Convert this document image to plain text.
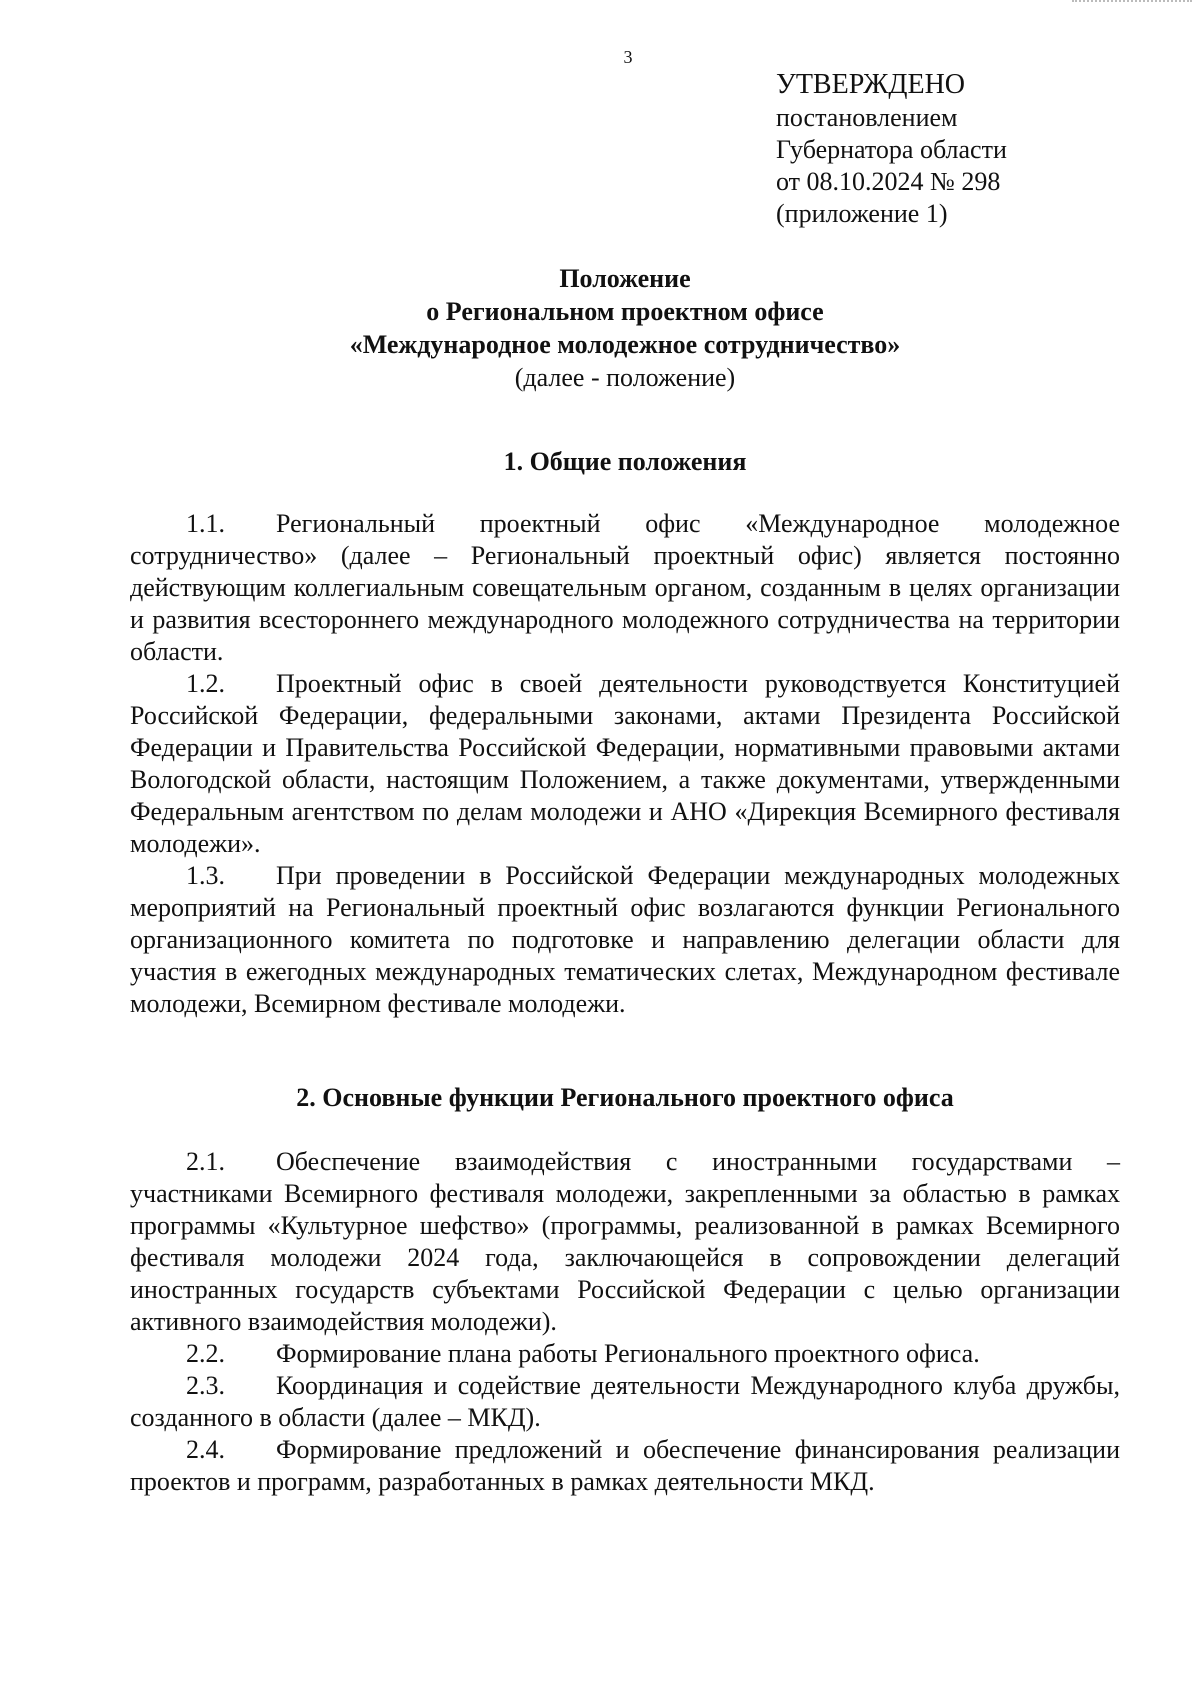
3
УТВЕРЖДЕНО
постановлением
Губернатора области
от 08.10.2024 № 298
(приложение 1)
Положение
о Региональном проектном офисе
«Международное молодежное сотрудничество»
(далее - положение)
1. Общие положения

1.1. Региональный проектный офис «Международное молодежное сотрудничество» (далее – Региональный проектный офис) является постоянно действующим коллегиальным совещательным органом, созданным в целях организации и развития всестороннего международного молодежного сотрудничества на территории области.

1.2. Проектный офис в своей деятельности руководствуется Конституцией Российской Федерации, федеральными законами, актами Президента Российской Федерации и Правительства Российской Федерации, нормативными правовыми актами Вологодской области, настоящим Положением, а также документами, утвержденными Федеральным агентством по делам молодежи и АНО «Дирекция Всемирного фестиваля молодежи».

1.3. При проведении в Российской Федерации международных молодежных мероприятий на Региональный проектный офис возлагаются функции Регионального организационного комитета по подготовке и направлению делегации области для участия в ежегодных международных тематических слетах, Международном фестивале молодежи, Всемирном фестивале молодежи.

2. Основные функции Регионального проектного офиса

2.1. Обеспечение взаимодействия с иностранными государствами – участниками Всемирного фестиваля молодежи, закрепленными за областью в рамках программы «Культурное шефство» (программы, реализованной в рамках Всемирного фестиваля молодежи 2024 года, заключающейся в сопровождении делегаций иностранных государств субъектами Российской Федерации с целью организации активного взаимодействия молодежи).

2.2. Формирование плана работы Регионального проектного офиса.

2.3. Координация и содействие деятельности Международного клуба дружбы, созданного в области (далее – МКД).

2.4. Формирование предложений и обеспечение финансирования реализации проектов и программ, разработанных в рамках деятельности МКД.
